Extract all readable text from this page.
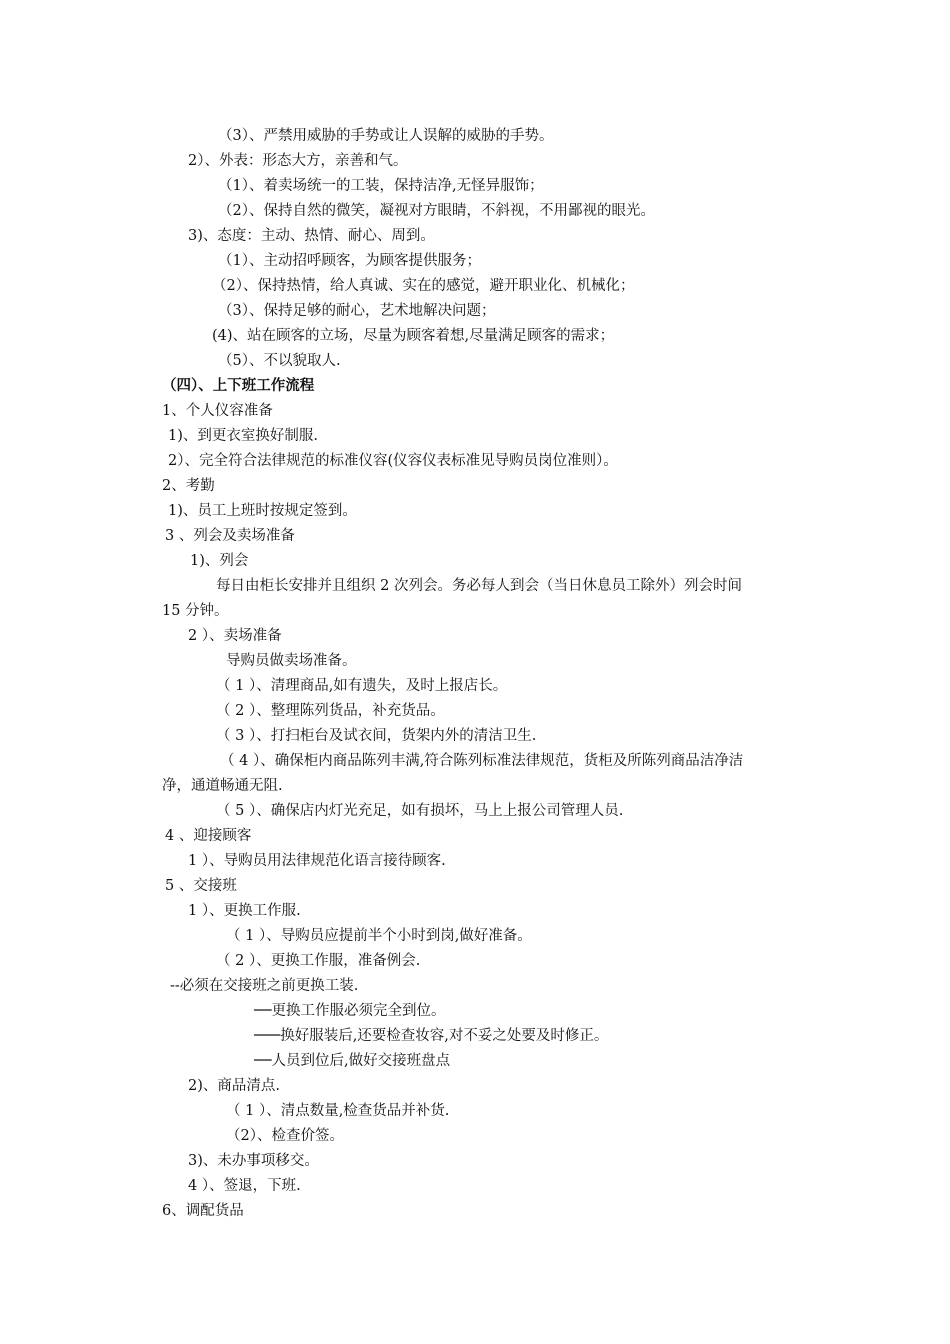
（3）、严禁用威胁的手势或让人误解的威胁的手势。
2）、外表：形态大方，亲善和气。
（1）、着卖场统一的工装，保持洁净,无怪异服饰；
（2）、保持自然的微笑，凝视对方眼睛，不斜视，不用鄙视的眼光。
3)、态度：主动、热情、耐心、周到。
（1）、主动招呼顾客，为顾客提供服务；
（2）、保持热情，给人真诚、实在的感觉，避开职业化、机械化；
（3）、保持足够的耐心，艺术地解决问题；
(4)、站在顾客的立场，尽量为顾客着想,尽量满足顾客的需求；
（5）、不以貌取人.
（四）、上下班工作流程
1、个人仪容准备
1)、到更衣室换好制服.
2）、完全符合法律规范的标准仪容(仪容仪表标准见导购员岗位准则）。
2、考勤
1)、员工上班时按规定签到。
3 、列会及卖场准备
1)、列会
每日由柜长安排并且组织 2 次列会。务必每人到会（当日休息员工除外）列会时间
15 分钟。
2 ）、卖场准备
导购员做卖场准备。
（ 1 ）、清理商品,如有遗失，及时上报店长。
（ 2 ）、整理陈列货品，补充货品。
（ 3 ）、打扫柜台及试衣间，货架内外的清洁卫生.
（ 4 ）、确保柜内商品陈列丰满,符合陈列标准法律规范，货柜及所陈列商品洁净洁
净，通道畅通无阻.
（ 5 ）、确保店内灯光充足，如有损坏，马上上报公司管理人员.
4 、迎接顾客
1 ）、导购员用法律规范化语言接待顾客.
5 、交接班
1 ）、更换工作服.
（ 1 ）、导购员应提前半个小时到岗,做好准备。
（ 2 ）、更换工作服，准备例会.
--必须在交接班之前更换工装.
──更换工作服必须完全到位。
───换好服装后,还要检查妆容,对不妥之处要及时修正。
──人员到位后,做好交接班盘点
2)、商品清点.
（ 1 ）、清点数量,检查货品并补货.
（2）、检查价签。
3)、未办事项移交。
4 ）、签退，下班.
6、调配货品
